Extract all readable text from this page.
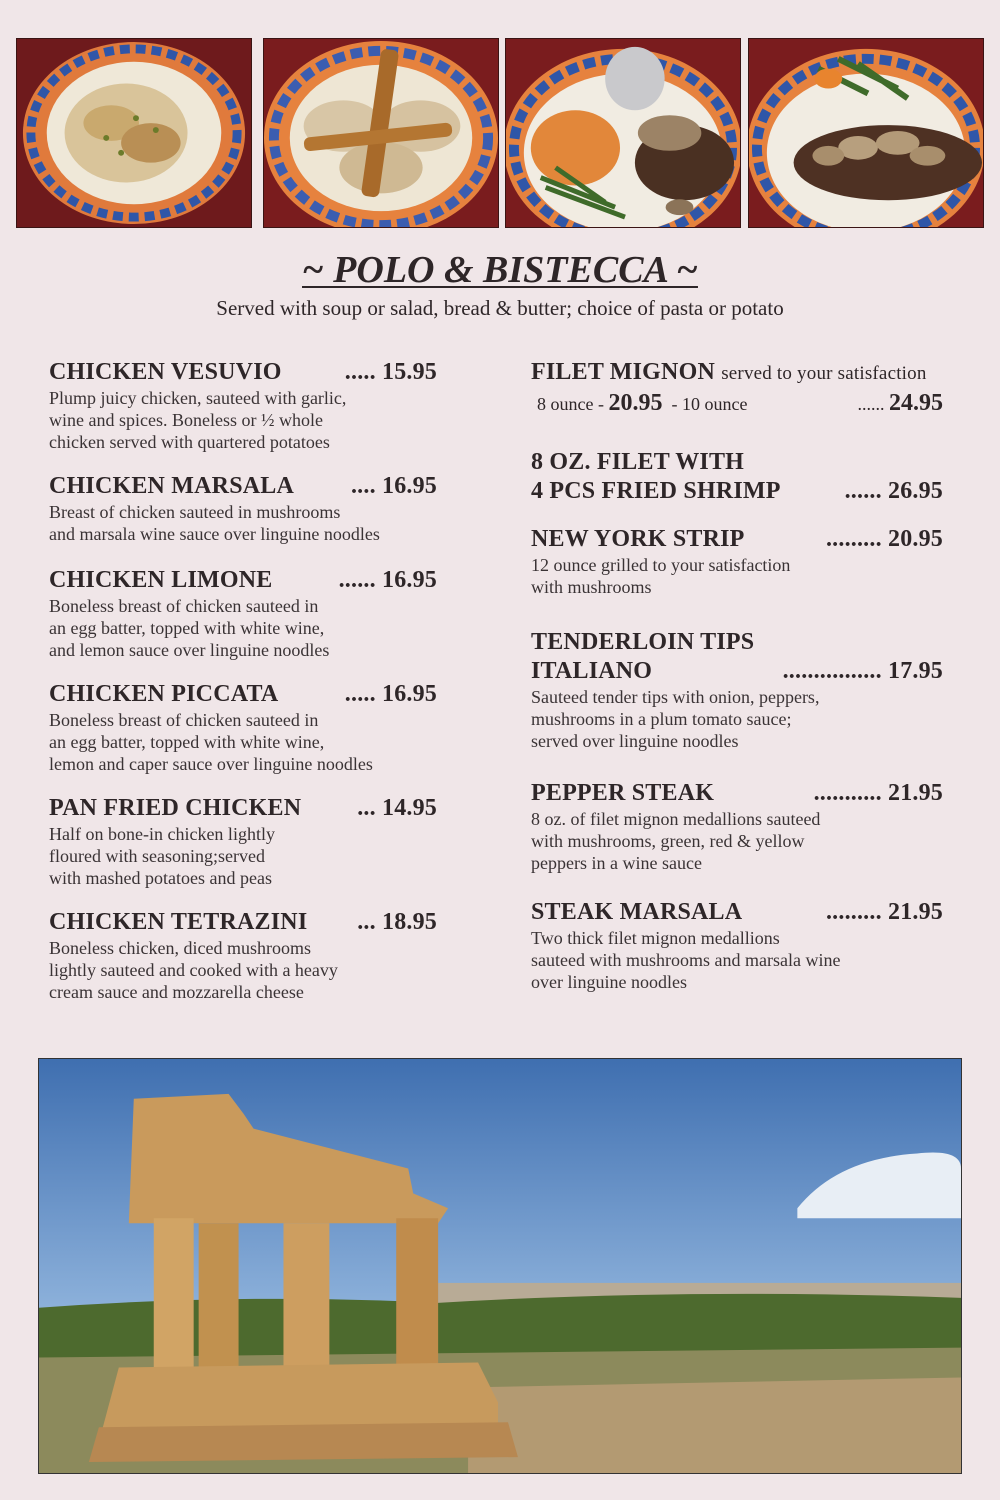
~ POLO & BISTECCA ~
Served with soup or salad, bread & butter; choice of pasta or potato
CHICKEN VESUVIO	..... 15.95
Plump juicy chicken, sauteed with garlic,
wine and spices. Boneless or ½ whole
chicken served with quartered potatoes
CHICKEN MARSALA .... 16.95
Breast of chicken sauteed in mushrooms
and marsala wine sauce over linguine noodles
CHICKEN LIMONE	...... 16.95
Boneless breast of chicken sauteed in
an egg batter, topped with white wine,
and lemon sauce over linguine noodles
CHICKEN PICCATA	..... 16.95
Boneless breast of chicken sauteed in
an egg batter, topped with white wine,
lemon and caper sauce over linguine noodles
PAN FRIED CHICKEN ... 14.95
Half on bone-in chicken lightly
floured with seasoning;served
with mashed potatoes and peas
CHICKEN TETRAZINI ... 18.95
Boneless chicken, diced mushrooms
lightly sauteed and cooked with a heavy
cream sauce and mozzarella cheese
FILET MIGNON served to your satisfaction
8 ounce - 20.95  - 10 ounce	...... 24.95
8 OZ. FILET WITH
4 PCS FRIED SHRIMP	...... 26.95
NEW YORK STRIP	......... 20.95
12 ounce grilled to your satisfaction
with mushrooms
TENDERLOIN TIPS
ITALIANO	................ 17.95
Sauteed tender tips with onion, peppers,
mushrooms in a plum tomato sauce;
served over linguine noodles
PEPPER STEAK	........... 21.95
8 oz. of filet mignon medallions sauteed
with mushrooms, green, red & yellow
peppers in a wine sauce
STEAK MARSALA	......... 21.95
Two thick filet mignon medallions
sauteed with mushrooms and marsala wine
over linguine noodles
